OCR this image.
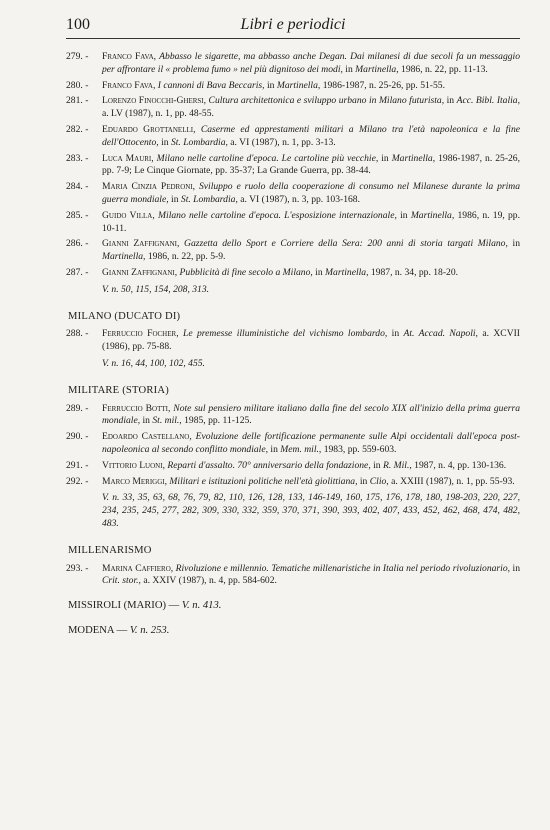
100	Libri e periodici
279. -	Franco Fava, Abbasso le sigarette, ma abbasso anche Degan. Dai milanesi di due secoli fa un messaggio per affrontare il « problema fumo » nel più dignitoso dei modi, in Martinella, 1986, n. 22, pp. 11-13.
280. -	Franco Fava, I cannoni di Bava Beccaris, in Martinella, 1986-1987, n. 25-26, pp. 51-55.
281. -	Lorenzo Finocchi-Ghersi, Cultura architettonica e sviluppo urbano in Milano futurista, in Acc. Bibl. Italia, a. LV (1987), n. 1, pp. 48-55.
282. -	Eduardo Grottanelli, Caserme ed apprestamenti militari a Milano tra l'età napoleonica e la fine dell'Ottocento, in St. Lombardia, a. VI (1987), n. 1, pp. 3-13.
283. -	Luca Mauri, Milano nelle cartoline d'epoca. Le cartoline più vecchie, in Martinella, 1986-1987, n. 25-26, pp. 7-9; Le Cinque Giornate, pp. 35-37; La Grande Guerra, pp. 38-44.
284. -	Maria Cinzia Pedroni, Sviluppo e ruolo della cooperazione di consumo nel Milanese durante la prima guerra mondiale, in St. Lombardia, a. VI (1987), n. 3, pp. 103-168.
285. -	Guido Villa, Milano nelle cartoline d'epoca. L'esposizione internazionale, in Martinella, 1986, n. 19, pp. 10-11.
286. -	Gianni Zaffignani, Gazzetta dello Sport e Corriere della Sera: 200 anni di storia targati Milano, in Martinella, 1986, n. 22, pp. 5-9.
287. -	Gianni Zaffignani, Pubblicità di fine secolo a Milano, in Martinella, 1987, n. 34, pp. 18-20.
V. n. 50, 115, 154, 208, 313.
MILANO (DUCATO DI)
288. -	Ferruccio Focher, Le premesse illuministiche del vichismo lombardo, in At. Accad. Napoli, a. XCVII (1986), pp. 75-88.
V. n. 16, 44, 100, 102, 455.
MILITARE (STORIA)
289. -	Ferruccio Botti, Note sul pensiero militare italiano dalla fine del secolo XIX all'inizio della prima guerra mondiale, in St. mil., 1985, pp. 11-125.
290. -	Edoardo Castellano, Evoluzione delle fortificazione permanente sulle Alpi occidentali dall'epoca post-napoleonica al secondo conflitto mondiale, in Mem. mil., 1983, pp. 559-603.
291. -	Vittorio Luoni, Reparti d'assalto. 70° anniversario della fondazione, in R. Mil., 1987, n. 4, pp. 130-136.
292. -	Marco Meriggi, Militari e istituzioni politiche nell'età giolittiana, in Clio, a. XXIII (1987), n. 1, pp. 55-93.
V. n. 33, 35, 63, 68, 76, 79, 82, 110, 126, 128, 133, 146-149, 160, 175, 176, 178, 180, 198-203, 220, 227, 234, 235, 245, 277, 282, 309, 330, 332, 359, 370, 371, 390, 393, 402, 407, 433, 452, 462, 468, 474, 482, 483.
MILLENARISMO
293. -	Marina Caffiero, Rivoluzione e millennio. Tematiche millenaristiche in Italia nel periodo rivoluzionario, in Crit. stor., a. XXIV (1987), n. 4, pp. 584-602.
MISSIROLI (MARIO) — V. n. 413.
MODENA — V. n. 253.
